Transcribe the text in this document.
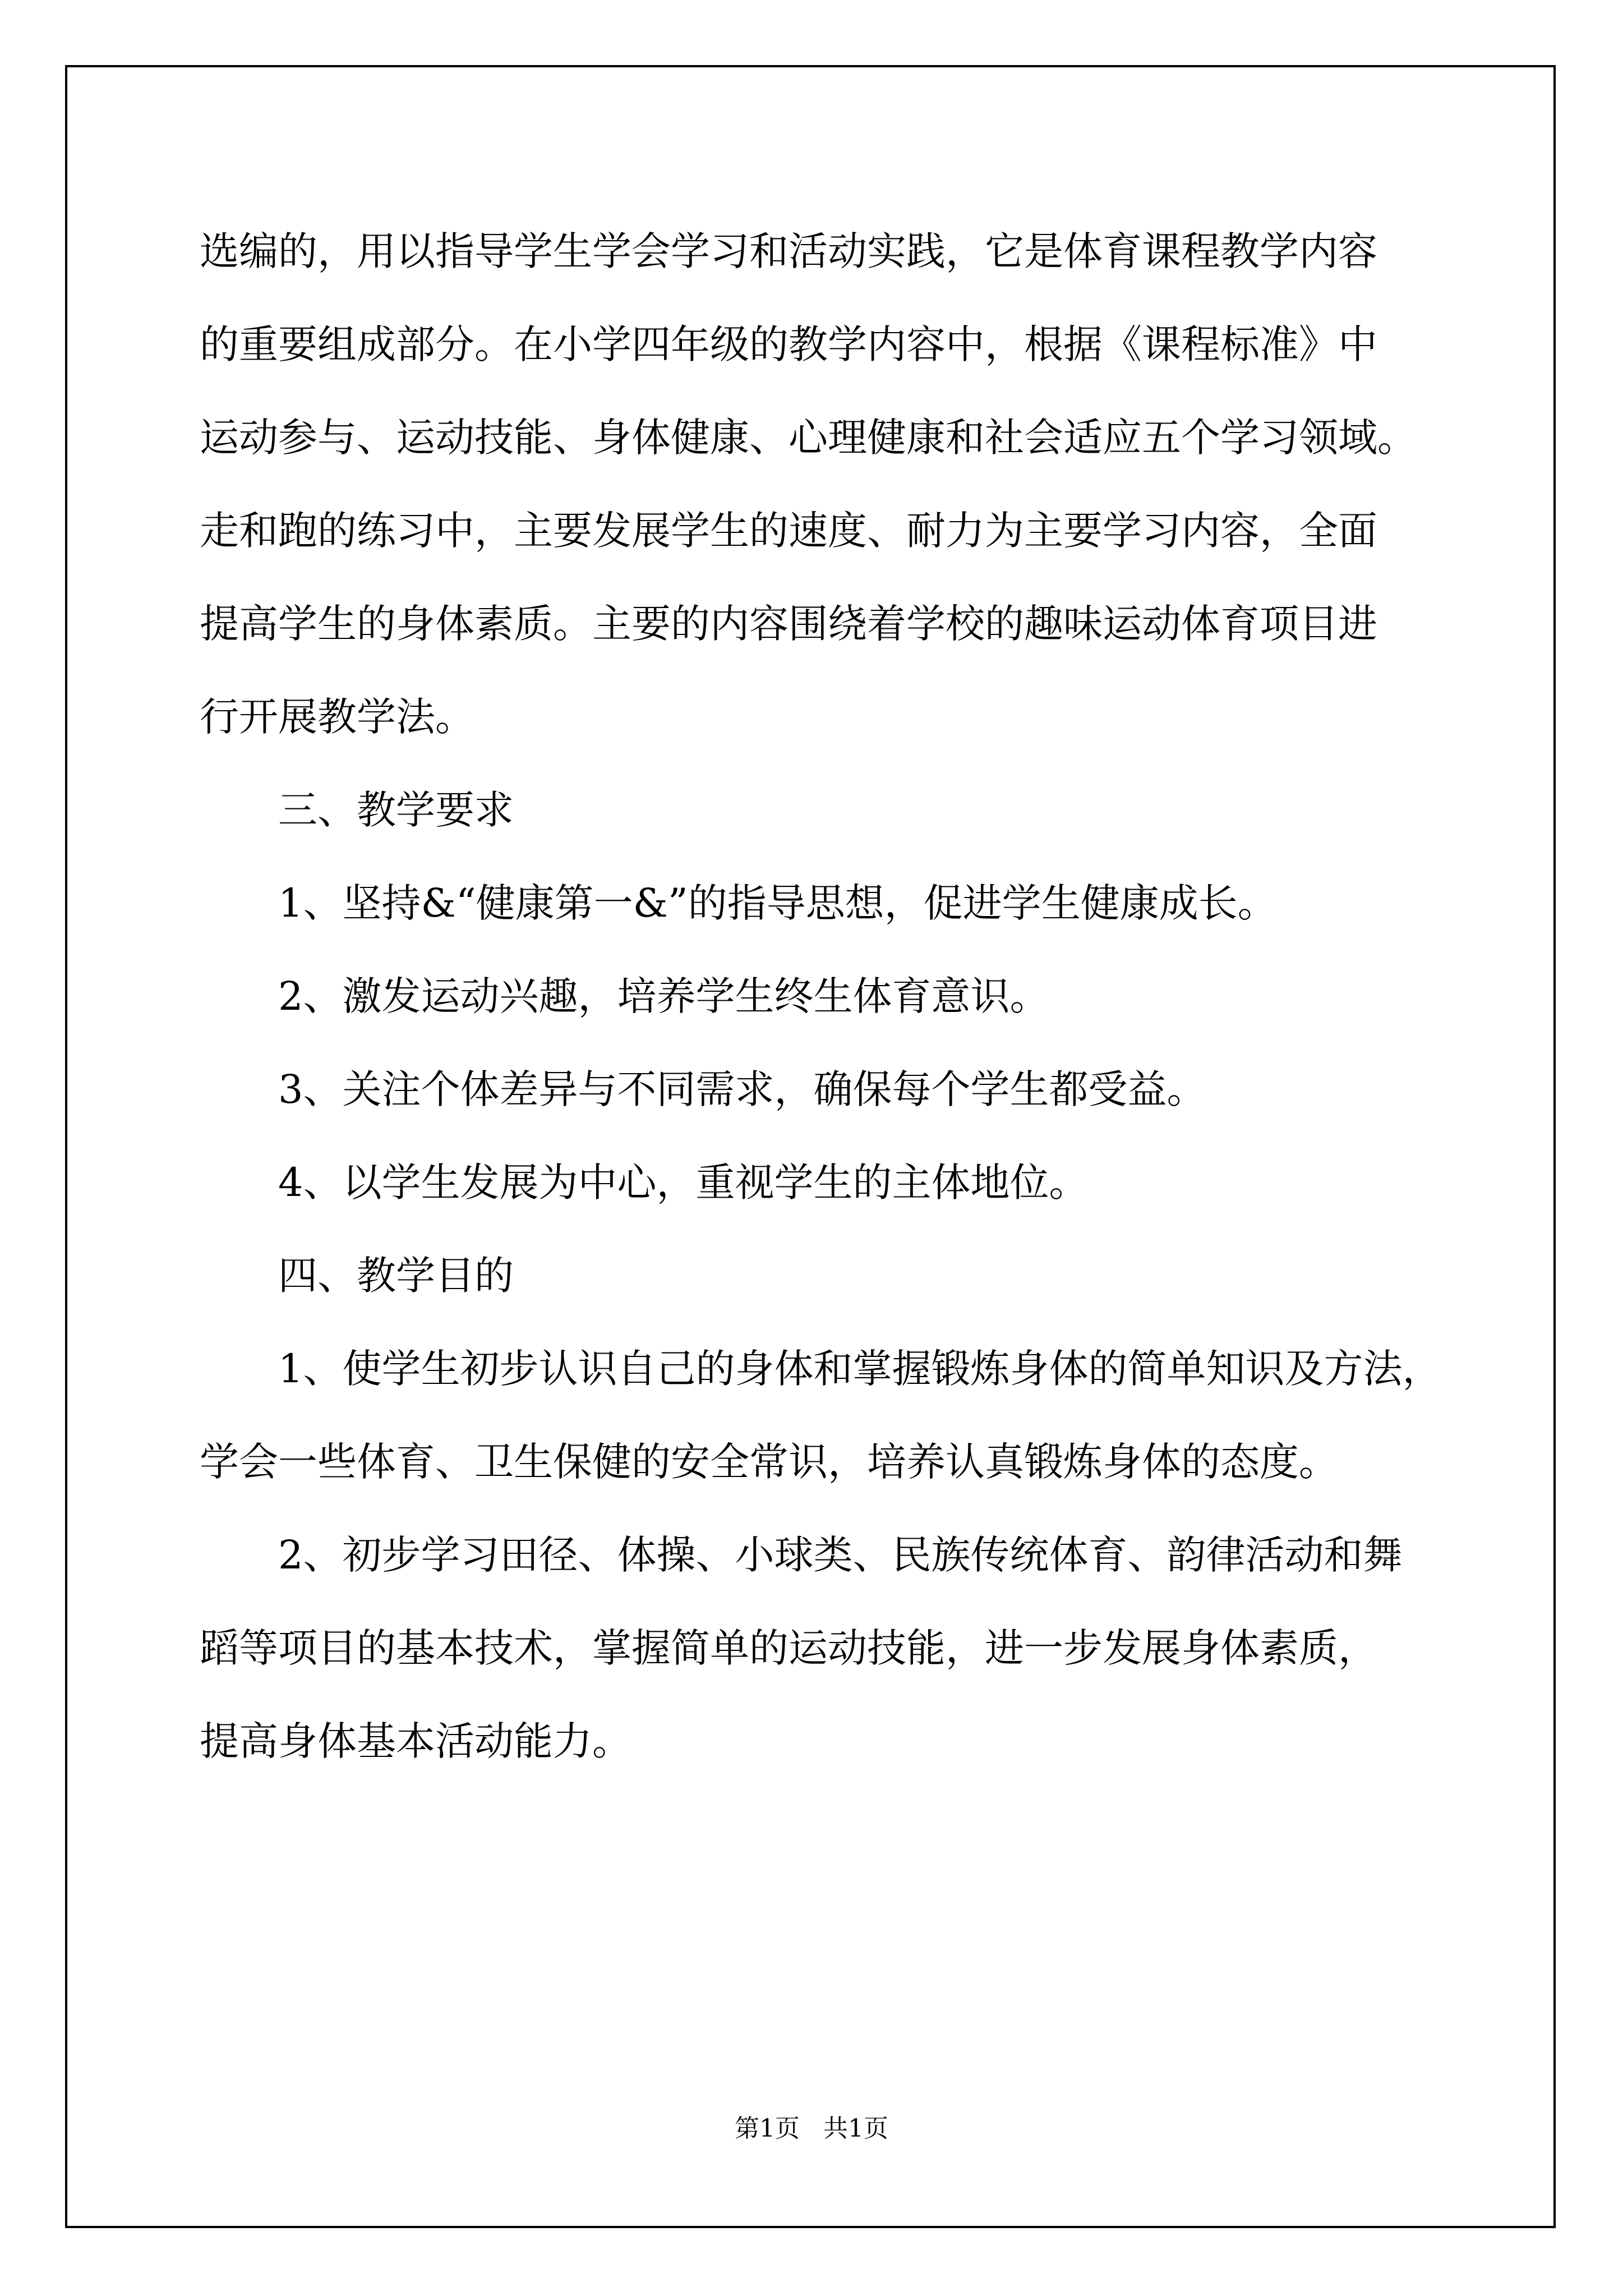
选编的，用以指导学生学会学习和活动实践，它是体育课程教学内容
的重要组成部分。在小学四年级的教学内容中，根据《课程标准》中
运动参与、运动技能、身体健康、心理健康和社会适应五个学习领域。
走和跑的练习中，主要发展学生的速度、耐力为主要学习内容，全面
提高学生的身体素质。主要的内容围绕着学校的趣味运动体育项目进
行开展教学法。
三、教学要求
1、坚持&“健康第一&”的指导思想，促进学生健康成长。
2、激发运动兴趣，培养学生终生体育意识。
3、关注个体差异与不同需求，确保每个学生都受益。
4、以学生发展为中心，重视学生的主体地位。
四、教学目的
1、使学生初步认识自己的身体和掌握锻炼身体的简单知识及方法，
学会一些体育、卫生保健的安全常识，培养认真锻炼身体的态度。
2、初步学习田径、体操、小球类、民族传统体育、韵律活动和舞
蹈等项目的基本技术，掌握简单的运动技能，进一步发展身体素质，
提高身体基本活动能力。
第1页   共1页
